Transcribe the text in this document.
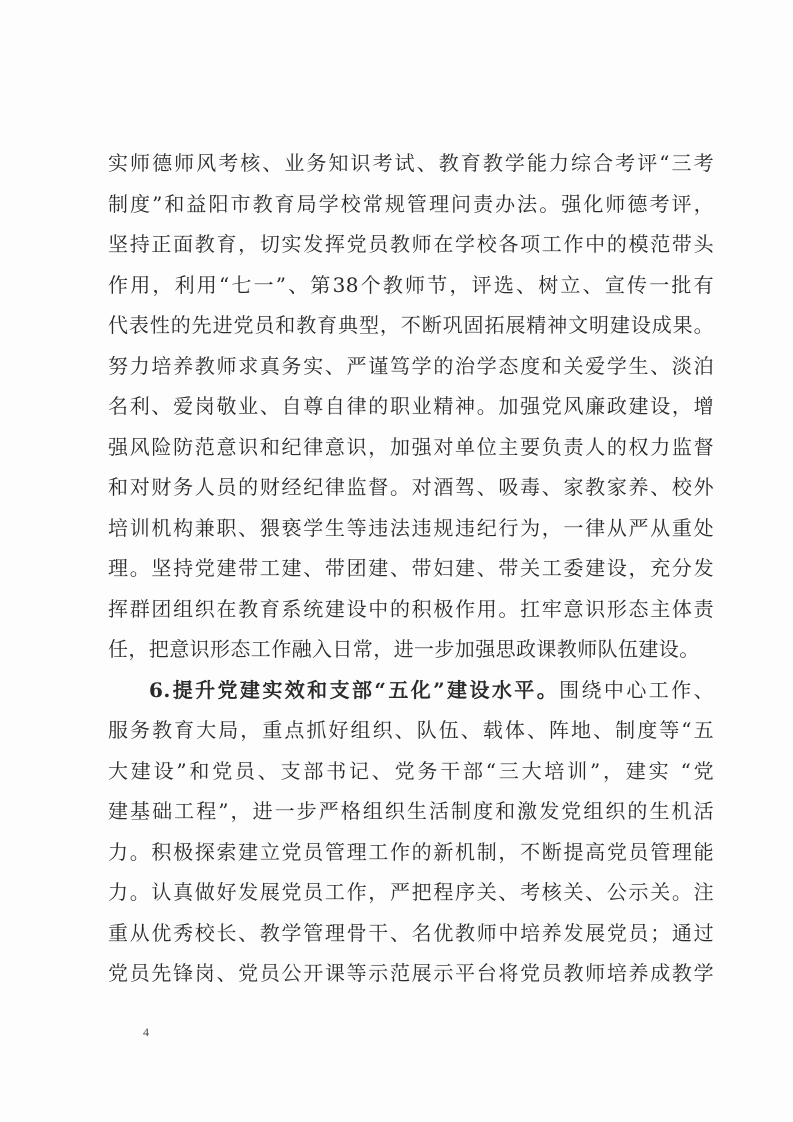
实师德师风考核、业务知识考试、教育教学能力综合考评“三考
制度”和益阳市教育局学校常规管理问责办法。强化师德考评，
坚持正面教育，切实发挥党员教师在学校各项工作中的模范带头
作用，利用“七一”、第38个教师节，评选、树立、宣传一批有
代表性的先进党员和教育典型，不断巩固拓展精神文明建设成果。
努力培养教师求真务实、严谨笃学的治学态度和关爱学生、淡泊
名利、爱岗敬业、自尊自律的职业精神。加强党风廉政建设，增
强风险防范意识和纪律意识，加强对单位主要负责人的权力监督
和对财务人员的财经纪律监督。对酒驾、吸毒、家教家养、校外
培训机构兼职、猥亵学生等违法违规违纪行为，一律从严从重处
理。坚持党建带工建、带团建、带妇建、带关工委建设，充分发
挥群团组织在教育系统建设中的积极作用。扛牢意识形态主体责
任，把意识形态工作融入日常，进一步加强思政课教师队伍建设。
6.提升党建实效和支部“五化”建设水平。围绕中心工作、
服务教育大局，重点抓好组织、队伍、载体、阵地、制度等“五
大建设”和党员、支部书记、党务干部“三大培训”，建实 “党
建基础工程”，进一步严格组织生活制度和激发党组织的生机活
力。积极探索建立党员管理工作的新机制，不断提高党员管理能
力。认真做好发展党员工作，严把程序关、考核关、公示关。注
重从优秀校长、教学管理骨干、名优教师中培养发展党员；通过
党员先锋岗、党员公开课等示范展示平台将党员教师培养成教学
4
